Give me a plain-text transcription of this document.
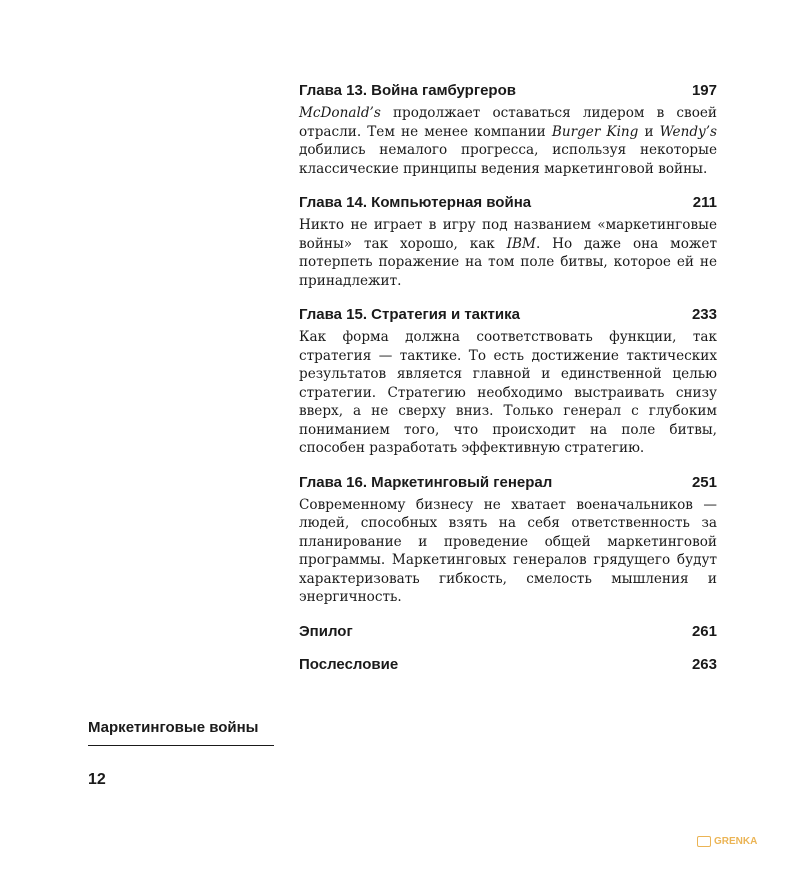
Глава 13. Война гамбургеров	197

McDonald’s продолжает оставаться лидером в своей отрасли. Тем не менее компании Burger King и Wendy’s добились немалого прогресса, используя некоторые классические принципы ведения маркетинговой войны.

Глава 14. Компьютерная война	211

Никто не играет в игру под названием «маркетинговые войны» так хорошо, как IBM. Но даже она может потерпеть поражение на том поле битвы, которое ей не принадлежит.

Глава 15. Стратегия и тактика	233

Как форма должна соответствовать функции, так стратегия — тактике. То есть достижение тактических результатов является главной и единственной целью стратегии. Стратегию необходимо выстраивать снизу вверх, а не сверху вниз. Только генерал с глубоким пониманием того, что происходит на поле битвы, способен разработать эффективную стратегию.

Глава 16. Маркетинговый генерал	251

Современному бизнесу не хватает военачальников — людей, способных взять на себя ответственность за планирование и проведение общей маркетинговой программы. Маркетинговых генералов грядущего будут характеризовать гибкость, смелость мышления и энергичность.

Эпилог	261
Послесловие	263
Маркетинговые войны
12
GRENKA
